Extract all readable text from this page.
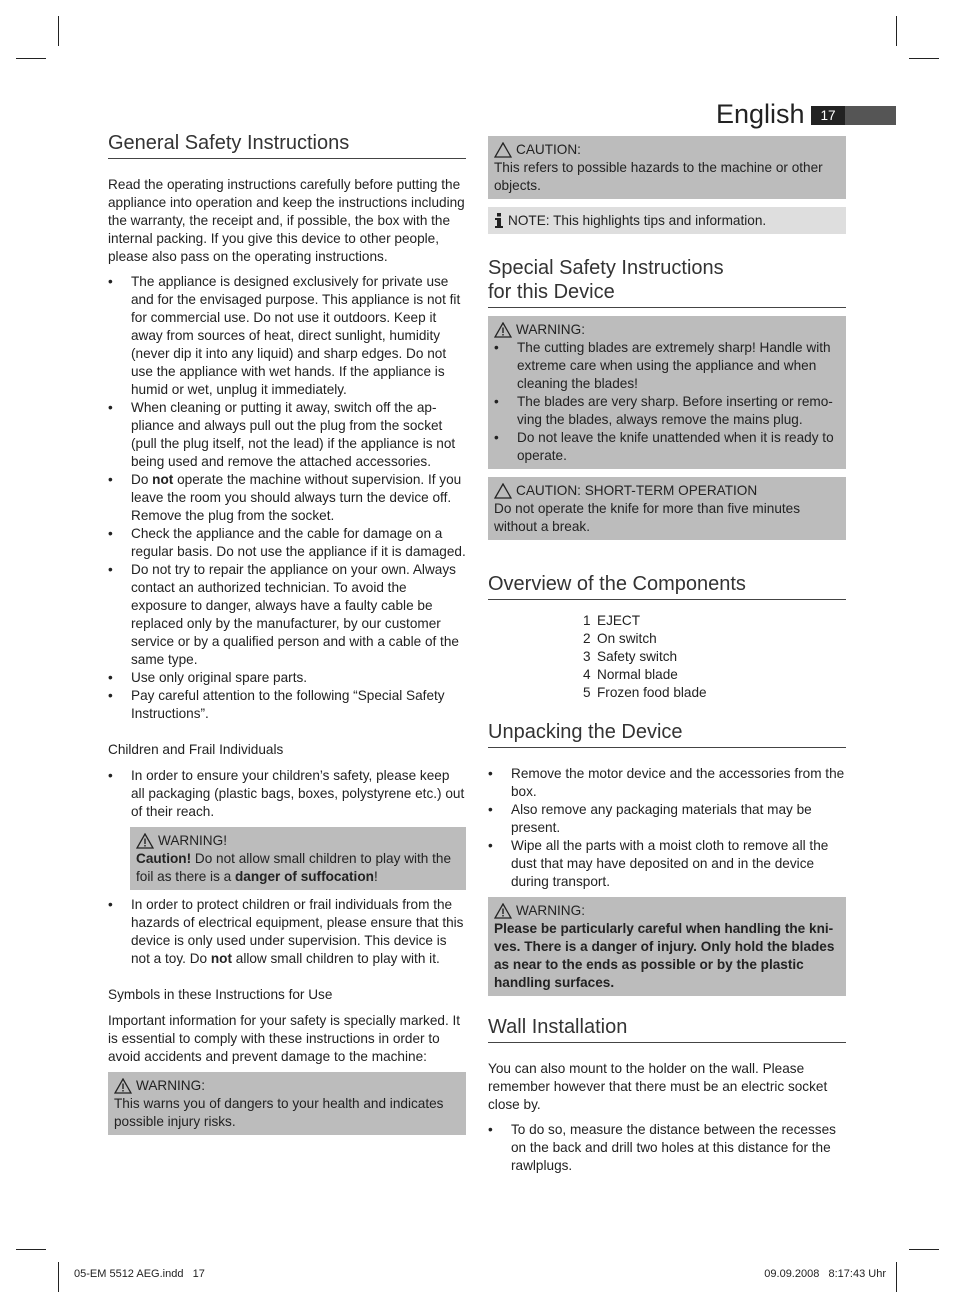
English	17
General Safety Instructions

Read the operating instructions carefully before putting the appliance into operation and keep the instructions including the warranty, the receipt and, if possible, the box with the internal packing. If you give this device to other people, please also pass on the operating instructions.

• The appliance is designed exclusively for private use and for the envisaged purpose. This appliance is not fit for commercial use. Do not use it outdoors. Keep it away from sources of heat, direct sunlight, humidity (never dip it into any liquid) and sharp edges. Do not use the appliance with wet hands. If the appliance is humid or wet, unplug it immediately.
• When cleaning or putting it away, switch off the ap-pliance and always pull out the plug from the socket (pull the plug itself, not the lead) if the appliance is not being used and remove the attached accessories.
• Do not operate the machine without supervision. If you leave the room you should always turn the device off. Remove the plug from the socket.
• Check the appliance and the cable for damage on a regular basis. Do not use the appliance if it is damaged.
• Do not try to repair the appliance on your own. Always contact an authorized technician. To avoid the exposure to danger, always have a faulty cable be replaced only by the manufacturer, by our customer service or by a qualified person and with a cable of the same type.
• Use only original spare parts.
• Pay careful attention to the following “Special Safety Instructions”.

Children and Frail Individuals

• In order to ensure your children’s safety, please keep all packaging (plastic bags, boxes, polystyrene etc.) out of their reach.
WARNING!

Caution! Do not allow small children to play with the foil as there is a danger of suffocation!

• In order to protect children or frail individuals from the hazards of electrical equipment, please ensure that this device is only used under supervision. This device is not a toy. Do not allow small children to play with it.

Symbols in these Instructions for Use

Important information for your safety is specially marked. It is essential to comply with these instructions in order to avoid accidents and prevent damage to the machine:

WARNING:

This warns you of dangers to your health and indicates possible injury risks.

CAUTION:

This refers to possible hazards to the machine or other objects.

NOTE: This highlights tips and information.
Special Safety Instructions
for this Device
WARNING:
• The cutting blades are extremely sharp! Handle with extreme care when using the appliance and when cleaning the blades!
• The blades are very sharp. Before inserting or remo-ving the blades, always remove the mains plug.
• Do not leave the knife unattended when it is ready to operate.
CAUTION: SHORT-TERM OPERATION

Do not operate the knife for more than five minutes without a break.

Overview of the Components
1 EJECT
2 On switch
3 Safety switch
4 Normal blade
5 Frozen food blade
Unpacking the Device
• Remove the motor device and the accessories from the box.
• Also remove any packaging materials that may be present.
• Wipe all the parts with a moist cloth to remove all the dust that may have deposited on and in the device during transport.
WARNING:

Please be particularly careful when handling the kni-ves. There is a danger of injury. Only hold the blades as near to the ends as possible or by the plastic handling surfaces.

Wall Installation

You can also mount to the holder on the wall. Please remember however that there must be an electric socket close by.

• To do so, measure the distance between the recesses on the back and drill two holes at this distance for the rawlplugs.
05-EM 5512 AEG.indd   17	09.09.2008   8:17:43 Uhr
